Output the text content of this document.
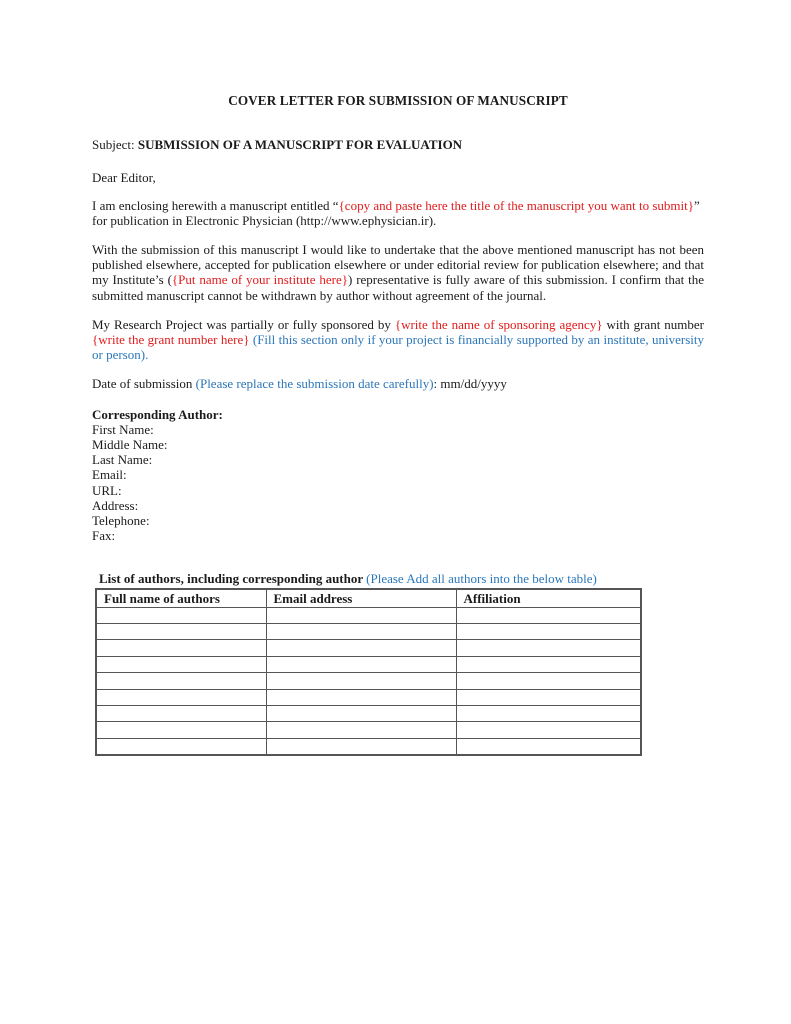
COVER LETTER FOR SUBMISSION OF MANUSCRIPT
Subject: SUBMISSION OF A MANUSCRIPT FOR EVALUATION
Dear Editor,

I am enclosing herewith a manuscript entitled “{copy and paste here the title of the manuscript you want to submit}”
for publication in Electronic Physician (http://www.ephysician.ir).

With the submission of this manuscript I would like to undertake that the above mentioned manuscript has not been published elsewhere, accepted for publication elsewhere or under editorial review for publication elsewhere; and that my Institute’s ({Put name of your institute here}) representative is fully aware of this submission. I confirm that the submitted manuscript cannot be withdrawn by author without agreement of the journal.

My Research Project was partially or fully sponsored by {write the name of sponsoring agency} with grant number {write the grant number here} (Fill this section only if your project is financially supported by an institute, university or person).

Date of submission (Please replace the submission date carefully): mm/dd/yyyy
Corresponding Author:
First Name:
Middle Name:
Last Name:
Email:
URL:
Address:
Telephone:
Fax:
List of authors, including corresponding author (Please Add all authors into the below table)
Full name of authors	Email address	Affiliation
